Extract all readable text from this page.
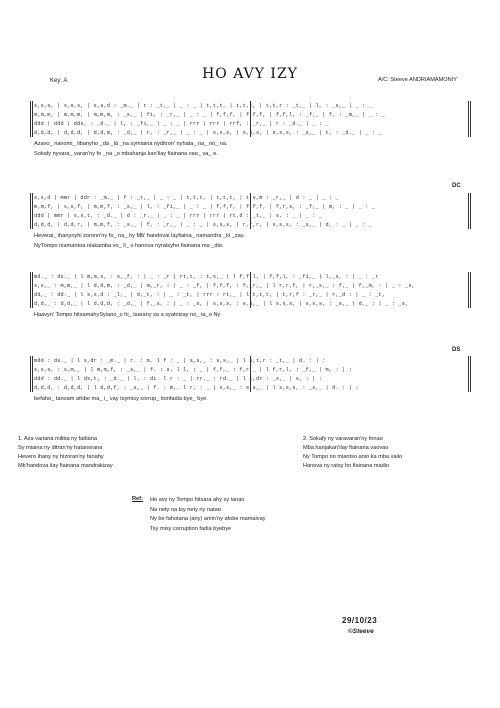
Key: A	HO AVY IZY	A/C: Steeve ANDRIAMAMONIY
s,s,s, | s,s,s, | s,s,d : _m._ | r : _t,_ | _ : _ | t,t,t, | t,t,t, | t,t,r : _t,_ | l, : _s,_ | _ : _
m,m,m, | m,m,m, | m,m,m, : _s,_ | fi, : _r,_ | _ : _ | f,f,f, | f,f,f, | f,f,l, : _f,_ | f, : _m,_ | _ : _
ddd | ddd | dds, : _d._ | l, : _fi,_ | _ : _ | rrr | rrr | rrf, : _r,_ | r : _d._ | _ : _
d,d,d, | d,d,d, | d,d,m, : _d,_ | r, : _r,_ | _ : _ | s,s,s, | s,s,s, | s,s,s, : _s,_ | t, : _d._ | _ : _
Azavo_ rianomi_ libanyho _da _lá _na symiaina nyditron' nyhata_ na_ nò_ na.
Sokafy nyvara_ varan'ny fo _na _o mbahanja kan'ilay fiainana vao_ va_ o.
DC
s,s,d | mmr | ddr : _m._ | f : _t,_ | _ : _ | t,t,t, | t,t,t, | t,s,m : _r,_ | d : _ | _ : _
m,m,f, | s,s,f, | m,m,f, : _s,_ | l, : _fi,_ | _ : _ | f,f,f, | f,f,f, | f,r,s, : _f,_ | m, : _ | _ : _
ddd | mmr | s,s,t, : _d._ | d : _r._ | _ : _ | rrr | rrr | rt,d : _t,_ | s, : _ | _ : _
d,d,d, | d,d,r, | m,m,f, : _s,_ | f, : _r,_ | _ : _ | s,s,s, | r,r,r, | s,s,s, : _s,_ | d, : _ | _ : _
Heverai_ ihanynyhi zoronn'ny fo_ na_ hy Mb' handovai layfiaina_ namandra _ki _zay.
NyTompo niamantoa niakamba vo_ li_ o hanova nyratsyho fiainana ma _dio.
md._ : ds._ | l m,m,s, : s,_f, : | _ : _r | rt,t, : t,s,_ | l f,f,l, | f,f,l, : _fi,_ | l,_s, : | _ : _r
s,s,_ : m,m,_ | l d,d,m, : _d,_ | m,_r, : | _ : _f, | f,f,f, : f,_r,_ | l r,r,f, | r,_s,_ : f,_ | f,_m, : | _ : _s,
dd,_ : dd._ | l s,s,d : _l,_ | d,_t, : | _ : _t, | rrr : rt,_ | l t,t,t, | t,r,f : _r,_ | r,_d : | _ : _t,
d,d,_ : d,d,_ | l d,d,d, : _d,_ | f,_s, : | _ : _s, | s,s,s, : s,s,_ | l s,s,s, | s,s,s, : _s,_ | d,_ : | _ : _s,
Haavyn' Tompo hitsamahySyiano_o hi_ tsarany sa a syatoizay no_ ta_o Ny
DS
mdd : ds._ | l s,dr : _m._ | r. : m. l f : _ | s,s,_ : s,s,_ | l s,t,r : _t,_ | d. : | :
s,s,s, : s,m,_ | l m,m,f, : _s,_ | f. : s. l l, : _ | f,f,_ : f,r,_ | l f,r,l, : _f,_ | m, : | :
ddd : dd._ | l ds,t, : _d._ | l. : di. l r : _ | rr._ : rd._ | l t,dr : _s,_ | s, : | :
d,d,d, : d,d,d, | l d,d,f, : _s,_ | f. : m,. l r, : _ | s,s,_ : s,s,_ | l s,s,s, : _s,_ | d. : | :
befaho_ tanoam afobe ma_ i_ vay tsymisy corrup_ tionfadia bye_ bye.
1. Aza variana miliba ny fadiàna
Sy miaina ny ditran'ny hatanorana
Hevero ihany ny hizoran'ny fanahy
Mb'handova ilay fiainana mandrakizay
2. Sokafy ny varavaran'ny fonao
Mba hanjakan'ilay fiainana vaovao
Ny Tompo no miantso anio ka mba valio
Hanova ny ratsy ho fiainana madio
Ref: Ho avy ny Tompo hitsara ahy sy ianao
Na nety na tsy nety ny natao
Ny be fahotana (any) amin'ny afobe mamaivay
Tsy misy corruption fadia byebye
29/10/23
©Steeve
